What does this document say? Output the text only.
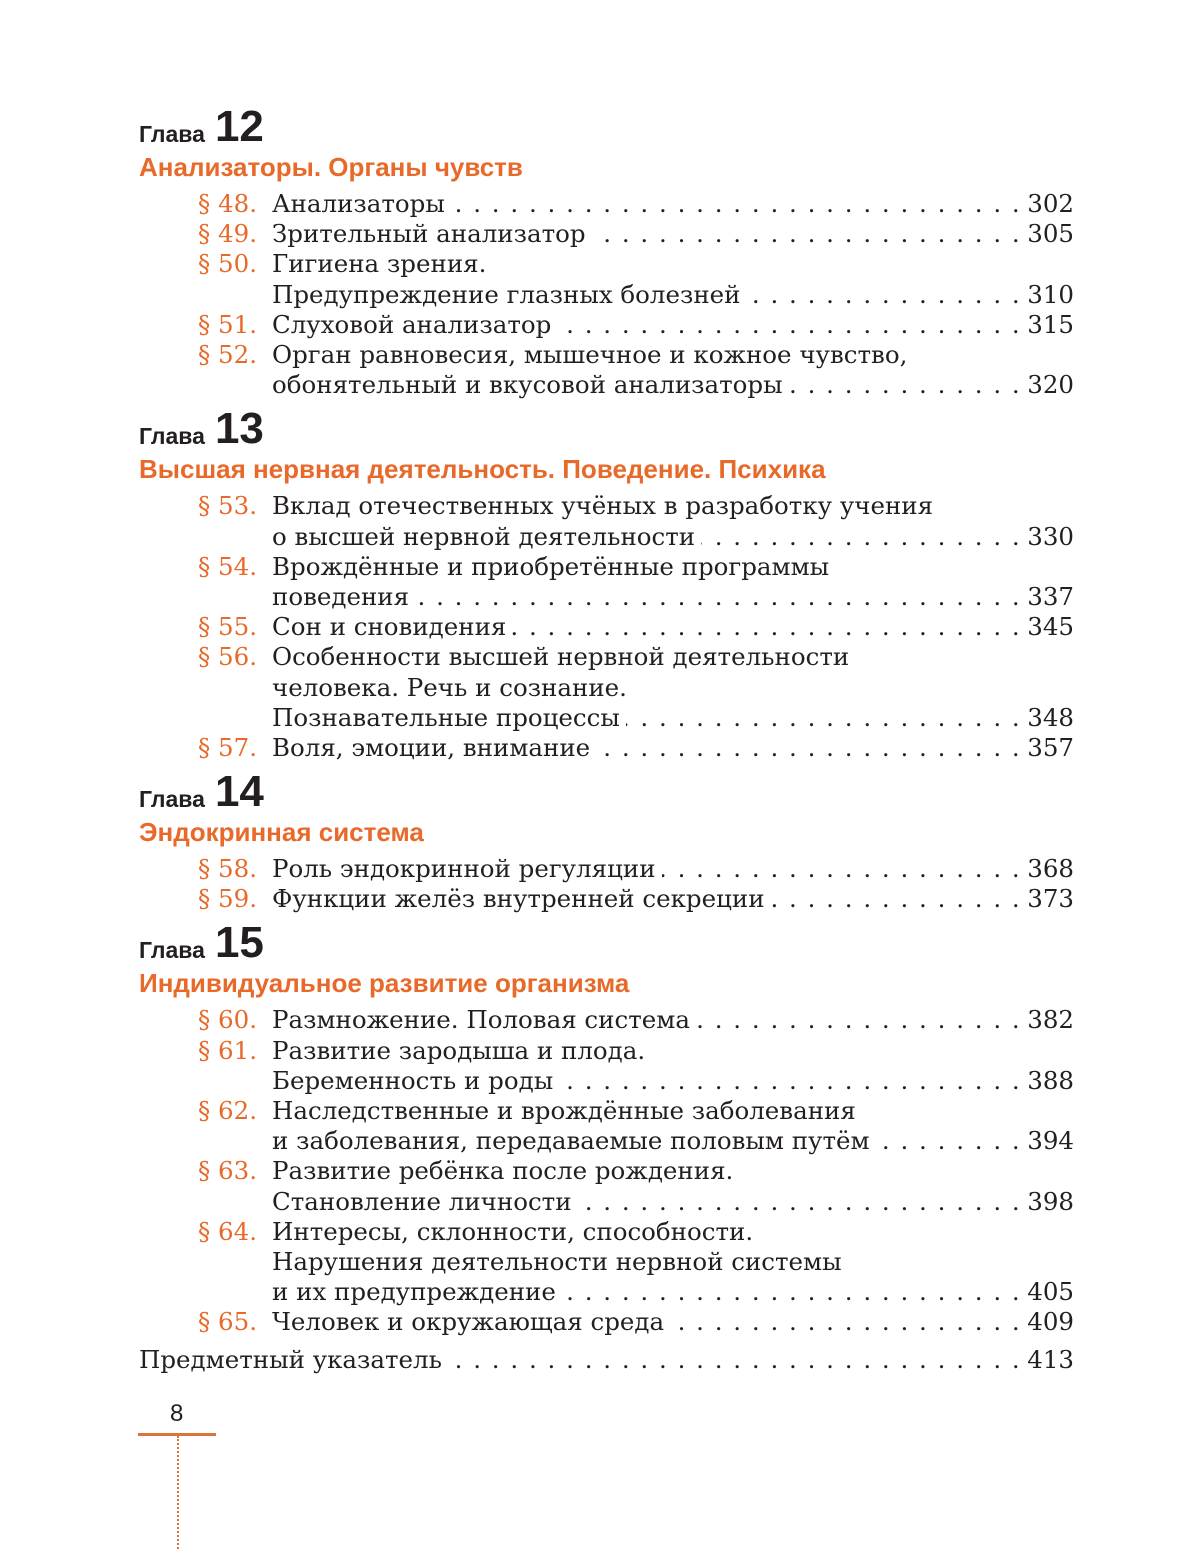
Глава 12
Анализаторы. Органы чувств
§ 48. Анализаторы . . .	302
§ 49. Зрительный анализатор . . .	305
§ 50. Гигиена зрения.
Предупреждение глазных болезней . . .	310
§ 51. Слуховой анализатор . . .	315
§ 52. Орган равновесия, мышечное и кожное чувство,
обонятельный и вкусовой анализаторы . . .	320
Глава 13
Высшая нервная деятельность. Поведение. Психика
§ 53. Вклад отечественных учёных в разработку учения
о высшей нервной деятельности . . .	330
§ 54. Врождённые и приобретённые программы
поведения . . .	337
§ 55. Сон и сновидения . . .	345
§ 56. Особенности высшей нервной деятельности
человека. Речь и сознание.
Познавательные процессы . . .	348
§ 57. Воля, эмоции, внимание . . .	357
Глава 14
Эндокринная система
§ 58. Роль эндокринной регуляции . . .	368
§ 59. Функции желёз внутренней секреции . . .	373
Глава 15
Индивидуальное развитие организма
§ 60. Размножение. Половая система . . .	382
§ 61. Развитие зародыша и плода.
Беременность и роды . . .	388
§ 62. Наследственные и врождённые заболевания
и заболевания, передаваемые половым путём . . .	394
§ 63. Развитие ребёнка после рождения.
Становление личности . . .	398
§ 64. Интересы, склонности, способности.
Нарушения деятельности нервной системы
и их предупреждение . . .	405
§ 65. Человек и окружающая среда . . .	409
Предметный указатель . . .	413
8
